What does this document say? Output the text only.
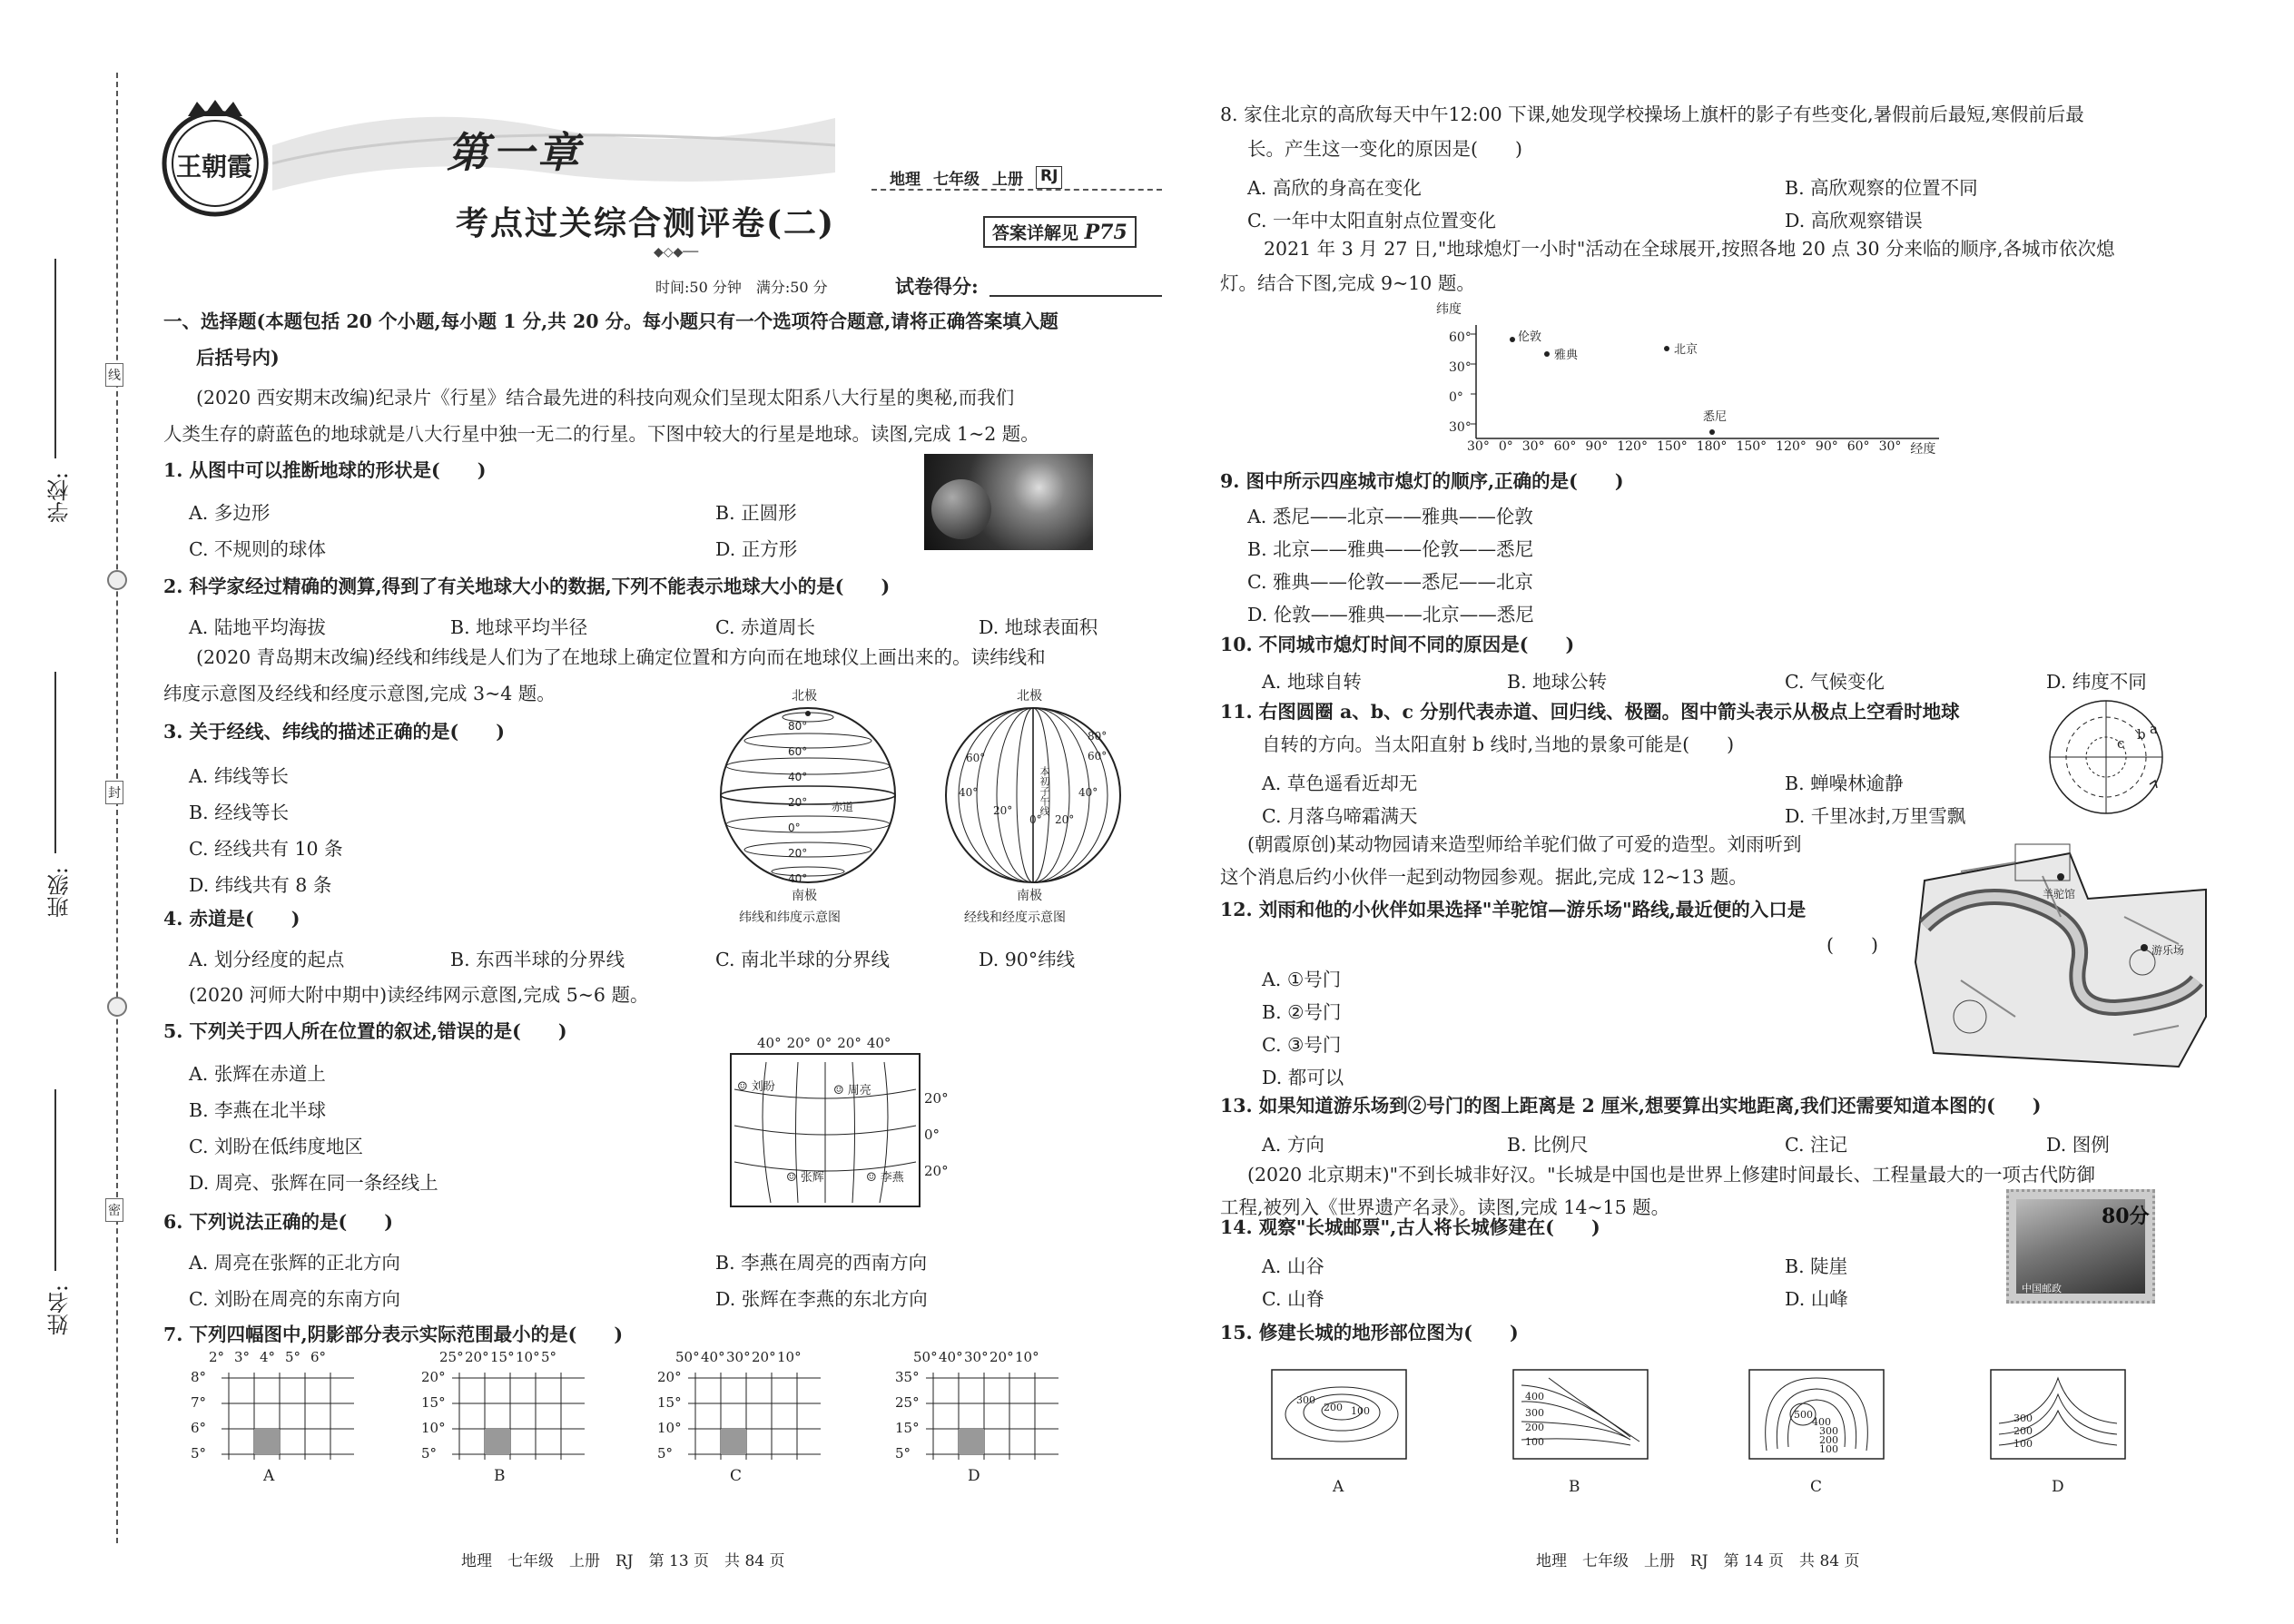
学校:
班级:
姓名:
线
封
密
王朝霞	第一章
地理 七年级 上册 RJ
考点过关综合测评卷(二)	答案详解见 P75
◆◇◆──
时间:50 分钟　满分:50 分	试卷得分:
一、选择题(本题包括 20 个小题,每小题 1 分,共 20 分。每小题只有一个选项符合题意,请将正确答案填入题
后括号内)
(2020 西安期末改编)纪录片《行星》结合最先进的科技向观众们呈现太阳系八大行星的奥秘,而我们
人类生存的蔚蓝色的地球就是八大行星中独一无二的行星。下图中较大的行星是地球。读图,完成 1~2 题。
1. 从图中可以推断地球的形状是(　　)
A. 多边形	B. 正圆形
C. 不规则的球体	D. 正方形
2. 科学家经过精确的测算,得到了有关地球大小的数据,下列不能表示地球大小的是(　　)
A. 陆地平均海拔	B. 地球平均半径	C. 赤道周长	D. 地球表面积
(2020 青岛期末改编)经线和纬线是人们为了在地球上确定位置和方向而在地球仪上画出来的。读纬线和
纬度示意图及经线和经度示意图,完成 3~4 题。
3. 关于经线、纬线的描述正确的是(　　)
A. 纬线等长
B. 经线等长
C. 经线共有 10 条
D. 纬线共有 8 条
北极
80°
60°
40°
20°
0°
20°
40°
赤道
南极
纬线和纬度示意图
北极
本初子午线
60°
40°
20°
0° 20°
40°
60°
80°
南极
经线和经度示意图
4. 赤道是(　　)
A. 划分经度的起点	B. 东西半球的分界线	C. 南北半球的分界线	D. 90°纬线
(2020 河师大附中期中)读经纬网示意图,完成 5~6 题。
5. 下列关于四人所在位置的叙述,错误的是(　　)
A. 张辉在赤道上
B. 李燕在北半球
C. 刘盼在低纬度地区
D. 周亮、张辉在同一条经线上
40° 20° 0° 20° 40°
20°
0°
20°
☺ 刘盼	☺ 周亮
☺ 张辉	☺ 李燕
6. 下列说法正确的是(　　)
A. 周亮在张辉的正北方向	B. 李燕在周亮的西南方向
C. 刘盼在周亮的东南方向	D. 张辉在李燕的东北方向
7. 下列四幅图中,阴影部分表示实际范围最小的是(　　)
2° 3° 4° 5° 6°
8°
7°
6°
5°
A
25° 20° 15° 10° 5°
20°
15°
10°
5°
B
50° 40° 30° 20° 10°
20°
15°
10°
5°
C
50° 40° 30° 20° 10°
35°
25°
15°
5°
D
地理　七年级　上册　RJ　第 13 页　共 84 页
8. 家住北京的高欣每天中午12:00 下课,她发现学校操场上旗杆的影子有些变化,暑假前后最短,寒假前后最
长。产生这一变化的原因是(　　)
A. 高欣的身高在变化	B. 高欣观察的位置不同
C. 一年中太阳直射点位置变化	D. 高欣观察错误
2021 年 3 月 27 日,"地球熄灯一小时"活动在全球展开,按照各地 20 点 30 分来临的顺序,各城市依次熄
灯。结合下图,完成 9~10 题。
纬度
60°
30°
0°
30°
伦敦
雅典	北京
悉尼
30° 0° 30° 60° 90° 120° 150° 180° 150° 120° 90° 60° 30° 经度
9. 图中所示四座城市熄灯的顺序,正确的是(　　)
A. 悉尼——北京——雅典——伦敦
B. 北京——雅典——伦敦——悉尼
C. 雅典——伦敦——悉尼——北京
D. 伦敦——雅典——北京——悉尼
10. 不同城市熄灯时间不同的原因是(　　)
A. 地球自转	B. 地球公转	C. 气候变化	D. 纬度不同
11. 右图圆圈 a、b、c 分别代表赤道、回归线、极圈。图中箭头表示从极点上空看时地球
自转的方向。当太阳直射 b 线时,当地的景象可能是(　　)
A. 草色遥看近却无	B. 蝉噪林逾静
C. 月落乌啼霜满天	D. 千里冰封,万里雪飘
c
b a
(朝霞原创)某动物园请来造型师给羊驼们做了可爱的造型。刘雨听到
这个消息后约小伙伴一起到动物园参观。据此,完成 12~13 题。
12. 刘雨和他的小伙伴如果选择"羊驼馆—游乐场"路线,最近便的入口是
(　　)
A. ①号门
B. ②号门
C. ③号门
D. 都可以
羊驼馆
游乐场
13. 如果知道游乐场到②号门的图上距离是 2 厘米,想要算出实地距离,我们还需要知道本图的(　　)
A. 方向	B. 比例尺	C. 注记	D. 图例
(2020 北京期末)"不到长城非好汉。"长城是中国也是世界上修建时间最长、工程量最大的一项古代防御
工程,被列入《世界遗产名录》。读图,完成 14~15 题。	80分
中国邮政
14. 观察"长城邮票",古人将长城修建在(　　)
A. 山谷	B. 陡崖
C. 山脊	D. 山峰
15. 修建长城的地形部位图为(　　)
300
200 100
A
400
300
200
100
B
500
400
300
200
100
C
300
200
100
D
地理　七年级　上册　RJ　第 14 页　共 84 页
